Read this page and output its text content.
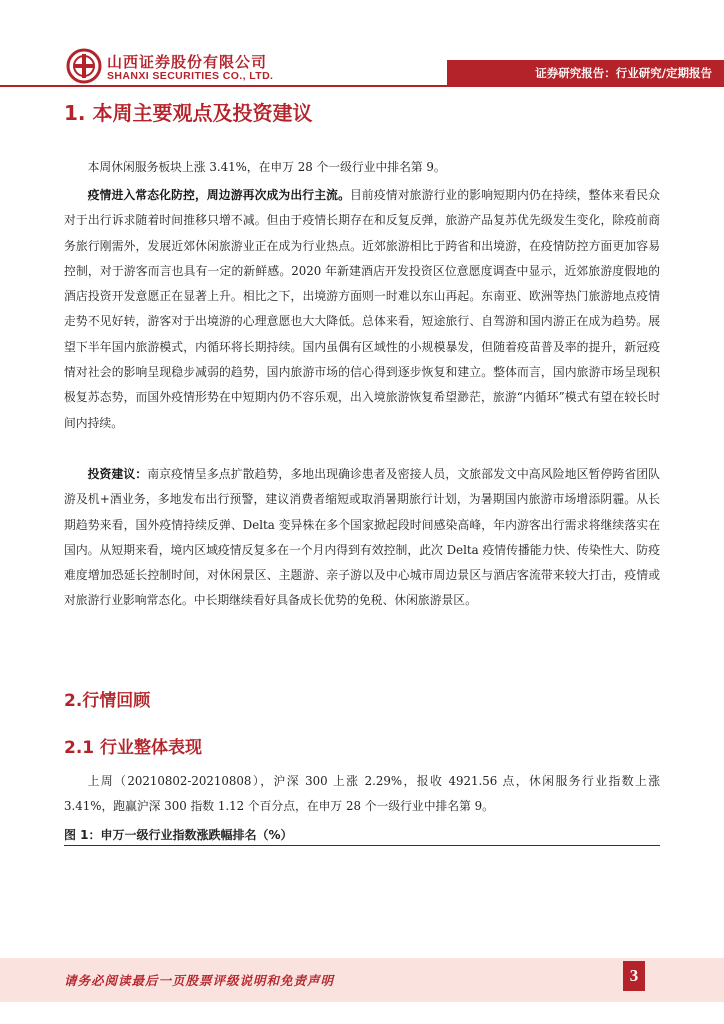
山西证券股份有限公司
SHANXI SECURITIES CO., LTD.	证券研究报告：行业研究/定期报告
1. 本周主要观点及投资建议

本周休闲服务板块上涨 3.41%，在申万 28 个一级行业中排名第 9。

疫情进入常态化防控，周边游再次成为出行主流。目前疫情对旅游行业的影响短期内仍在持续，整体来看民众对于出行诉求随着时间推移只增不减。但由于疫情长期存在和反复反弹，旅游产品复苏优先级发生变化，除疫前商务旅行刚需外，发展近郊休闲旅游业正在成为行业热点。近郊旅游相比于跨省和出境游，在疫情防控方面更加容易控制，对于游客而言也具有一定的新鲜感。2020 年新建酒店开发投资区位意愿度调查中显示，近郊旅游度假地的酒店投资开发意愿正在显著上升。相比之下，出境游方面则一时难以东山再起。东南亚、欧洲等热门旅游地点疫情走势不见好转，游客对于出境游的心理意愿也大大降低。总体来看，短途旅行、自驾游和国内游正在成为趋势。展望下半年国内旅游模式，内循环将长期持续。国内虽偶有区域性的小规模暴发，但随着疫苗普及率的提升，新冠疫情对社会的影响呈现稳步减弱的趋势，国内旅游市场的信心得到逐步恢复和建立。整体而言，国内旅游市场呈现积极复苏态势，而国外疫情形势在中短期内仍不容乐观，出入境旅游恢复希望渺茫，旅游“内循环”模式有望在较长时间内持续。

投资建议：南京疫情呈多点扩散趋势，多地出现确诊患者及密接人员，文旅部发文中高风险地区暂停跨省团队游及机+酒业务，多地发布出行预警，建议消费者缩短或取消暑期旅行计划，为暑期国内旅游市场增添阴霾。从长期趋势来看，国外疫情持续反弹、Delta 变异株在多个国家掀起段时间感染高峰，年内游客出行需求将继续落实在国内。从短期来看，境内区域疫情反复多在一个月内得到有效控制，此次 Delta 疫情传播能力快、传染性大、防疫难度增加恐延长控制时间，对休闲景区、主题游、亲子游以及中心城市周边景区与酒店客流带来较大打击，疫情或对旅游行业影响常态化。中长期继续看好具备成长优势的免税、休闲旅游景区。

2.行情回顾
2.1 行业整体表现

上周（20210802-20210808），沪深 300 上涨 2.29%，报收 4921.56 点，休闲服务行业指数上涨 3.41%，跑赢沪深 300 指数 1.12 个百分点，在申万 28 个一级行业中排名第 9。

图 1：申万一级行业指数涨跌幅排名（%）
请务必阅读最后一页股票评级说明和免责声明	3
